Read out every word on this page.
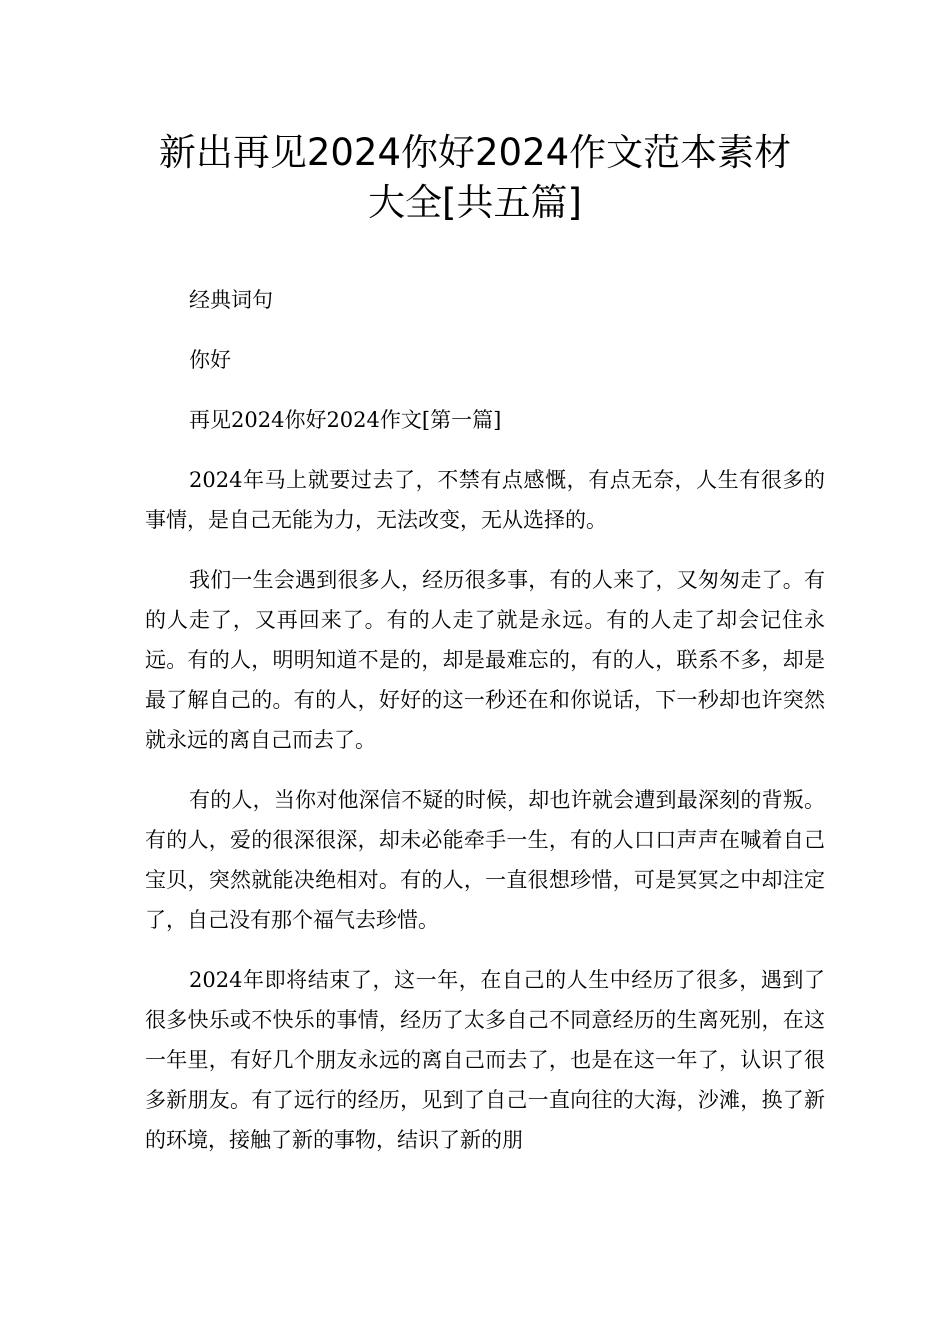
新出再见2024你好2024作文范本素材
大全[共五篇]

经典词句

你好

再见2024你好2024作文[第一篇]

2024年马上就要过去了，不禁有点感慨，有点无奈，人生有很多的事情，是自己无能为力，无法改变，无从选择的。

我们一生会遇到很多人，经历很多事，有的人来了，又匆匆走了。有的人走了，又再回来了。有的人走了就是永远。有的人走了却会记住永远。有的人，明明知道不是的，却是最难忘的，有的人，联系不多，却是最了解自己的。有的人，好好的这一秒还在和你说话，下一秒却也许突然就永远的离自己而去了。

有的人，当你对他深信不疑的时候，却也许就会遭到最深刻的背叛。有的人，爱的很深很深，却未必能牵手一生，有的人口口声声在喊着自己宝贝，突然就能决绝相对。有的人，一直很想珍惜，可是冥冥之中却注定了，自己没有那个福气去珍惜。

2024年即将结束了，这一年，在自己的人生中经历了很多，遇到了很多快乐或不快乐的事情，经历了太多自己不同意经历的生离死别，在这一年里，有好几个朋友永远的离自己而去了，也是在这一年了，认识了很多新朋友。有了远行的经历，见到了自己一直向往的大海，沙滩，换了新的环境，接触了新的事物，结识了新的朋
